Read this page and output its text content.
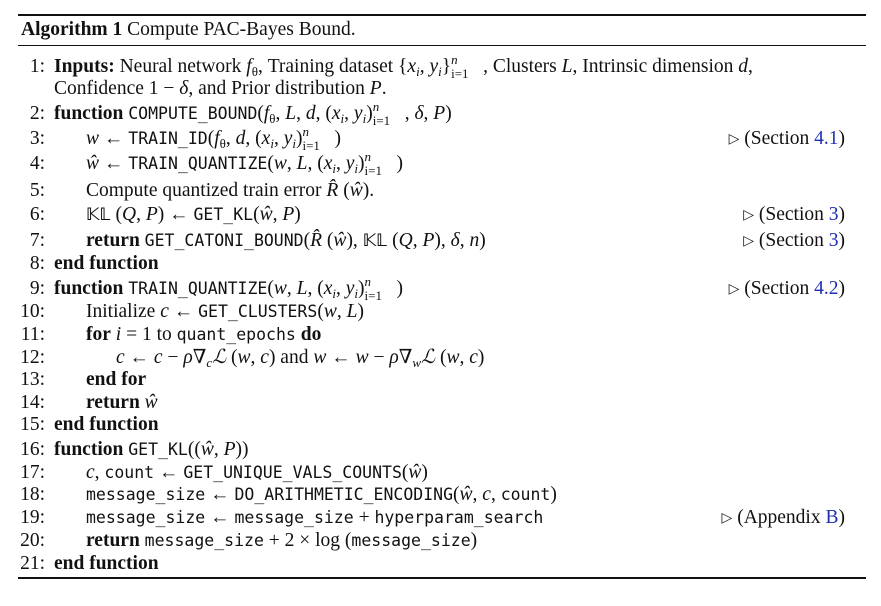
Algorithm 1 Compute PAC-Bayes Bound.
1: Inputs: Neural network $f_\theta$, Training dataset {$x_i$, $y_i$} n
i=1 , Clusters L, Intrinsic dimension d,
Confidence 1 − δ, and Prior distribution P.
2: function $COMPUTE\_BOUND(f_\theta$, L, d, ($x_i$, $y_i$) n
i=1 , δ, P)
3: w ← $TRAIN\_ID(f_\theta$, d, ($x_i$, $y_i$) n
i=1 )	▷ (Section 4.1)
4: ŵ ← TRAIN_QUANTIZE(w, L, ($x_i$, $y_i$) n
i=1 )
5: Compute quantized train error R̂ (ŵ).
6: 𝕂𝕃 (Q, P) ← GET_KL(ŵ, P)	▷ (Section 3)
7: return GET_CATONI_BOUND(R̂ (ŵ), 𝕂𝕃 (Q, P), δ, n)	▷ (Section 3)
8: end function
9: function TRAIN_QUANTIZE(w, L, ($x_i$, $y_i$) n
i=1 )	▷ (Section 4.2)
10: Initialize c ← GET_CLUSTERS(w, L)
11: for i = 1 to quant_epochs do
12:	c ← $c - \rho\nabla_cℒ$ (w, c) and w ← $w - \rho\nabla_wℒ$ (w, c)
13: end for
14: return ŵ
15: end function
16: function GET_KL((ŵ, P))
17: c, count ← GET_UNIQUE_VALS_COUNTS(ŵ)
18: message_size ← DO_ARITHMETIC_ENCODING(ŵ, c, count)
19: message_size ← message_size + hyperparam_search	▷ (Appendix B)
20: return message_size + 2 × log (message_size)
21: end function
